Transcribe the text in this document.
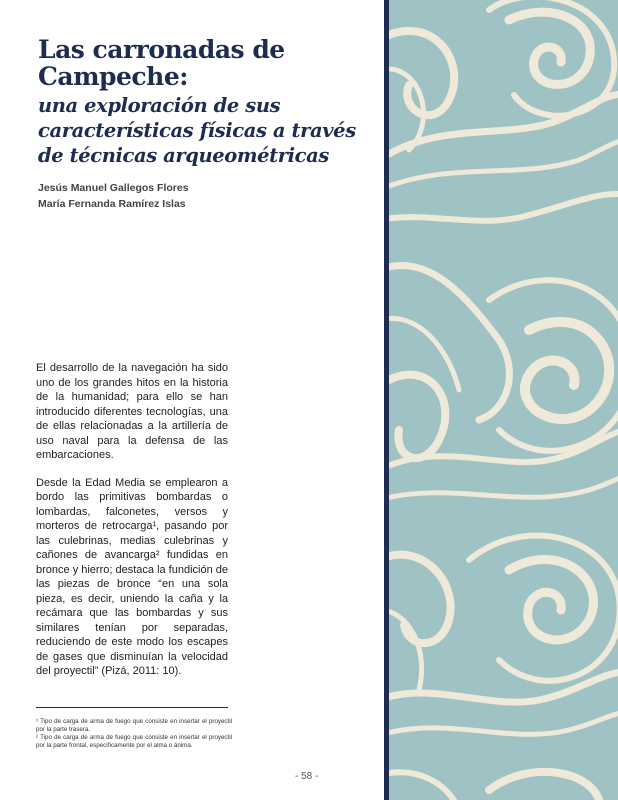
Las carronadas de Campeche:
una exploración de sus características físicas a través de técnicas arqueométricas
Jesús Manuel Gallegos Flores
María Fernanda Ramírez Islas

El desarrollo de la navegación ha sido uno de los grandes hitos en la historia de la humanidad; para ello se han introducido diferentes tecnologías, una de ellas relacionadas a la artillería de uso naval para la defensa de las embarcaciones.

Desde la Edad Media se emplearon a bordo las primitivas bombardas o lombardas, falconetes, versos y morteros de retrocarga¹, pasando por las culebrinas, medias culebrinas y cañones de avancarga² fundidas en bronce y hierro; destaca la fundición de las piezas de bronce “en una sola pieza, es decir, uniendo la caña y la recámara que las bombardas y sus similares tenían por separadas, reduciendo de este modo los escapes de gases que disminuían la velocidad del proyectil” (Pizá, 2011: 10).

¹ Tipo de carga de arma de fuego que consiste en insertar el proyectil por la parte trasera.

² Tipo de carga de arma de fuego que consiste en insertar el proyectil por la parte frontal, específicamente por el alma o ánima.

- 58 -
